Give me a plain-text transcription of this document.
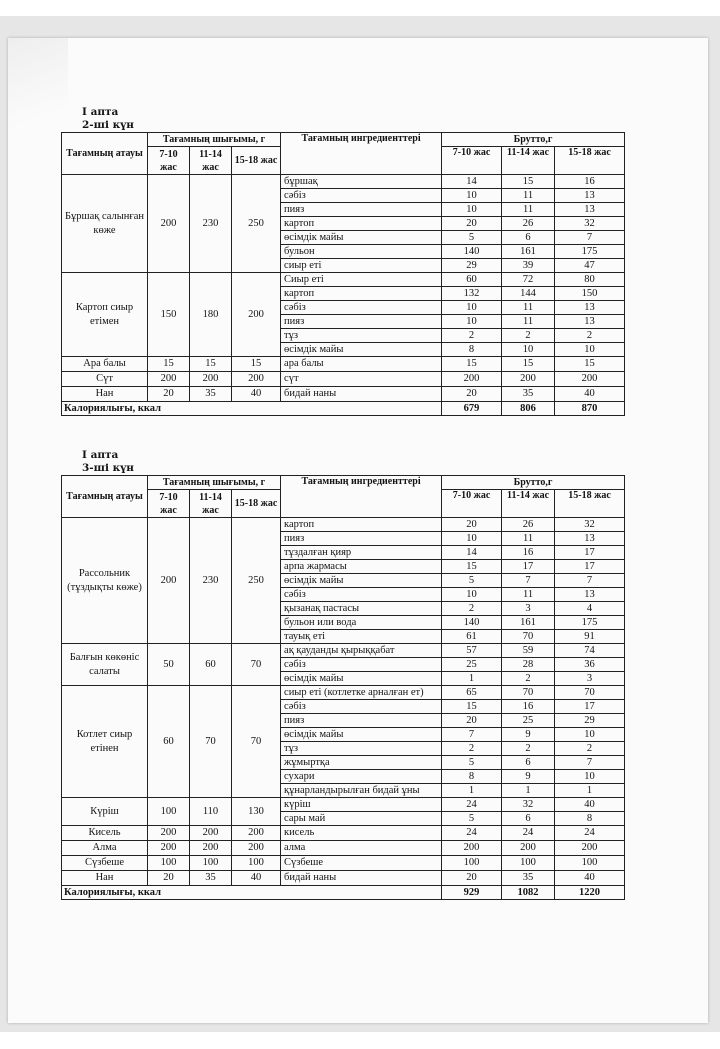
I апта
2-ші күн
Тағамның атауы	Тағамның шығымы, г			Тағамның ингредиенттері	Брутто,г		
	7-10 жас	11-14 жас	15-18 жас		7-10 жас	11-14 жас	15-18 жас
Бұршақ салынған көже	200	230	250	бұршақ	14	15	16
				сәбіз	10	11	13
				пияз	10	11	13
				картоп	20	26	32
				өсімдік майы	5	6	7
				бульон	140	161	175
				сиыр еті	29	39	47
Картоп сиыр етімен	150	180	200	Сиыр еті	60	72	80
				картоп	132	144	150
				сәбіз	10	11	13
				пияз	10	11	13
				тұз	2	2	2
				өсімдік майы	8	10	10
Ара балы	15	15	15	ара балы	15	15	15
Сүт	200	200	200	сүт	200	200	200
Нан	20	35	40	бидай наны	20	35	40
Калориялығы, ккал					679	806	870
I апта
3-ші күн
Тағамның атауы	Тағамның шығымы, г			Тағамның ингредиенттері	Брутто,г		
	7-10 жас	11-14 жас	15-18 жас		7-10 жас	11-14 жас	15-18 жас
Рассольник (тұздықты көже)	200	230	250	картоп	20	26	32
				пияз	10	11	13
				тұздалған қияр	14	16	17
				арпа жармасы	15	17	17
				өсімдік майы	5	7	7
				сәбіз	10	11	13
				қызанақ пастасы	2	3	4
				бульон или вода	140	161	175
				тауық еті	61	70	91
Балғын көкөніс салаты	50	60	70	ақ қауданды қырыққабат	57	59	74
				сәбіз	25	28	36
				өсімдік майы	1	2	3
Котлет сиыр етінен	60	70	70	сиыр еті (котлетке арналған ет)	65	70	70
				сәбіз	15	16	17
				пияз	20	25	29
				өсімдік майы	7	9	10
				тұз	2	2	2
				жұмыртқа	5	6	7
				сухари	8	9	10
				құнарландырылған бидай ұны	1	1	1
Күріш	100	110	130	күріш	24	32	40
				сары май	5	6	8
Кисель	200	200	200	кисель	24	24	24
Алма	200	200	200	алма	200	200	200
Сүзбеше	100	100	100	Сүзбеше	100	100	100
Нан	20	35	40	бидай наны	20	35	40
Калориялығы, ккал					929	1082	1220
